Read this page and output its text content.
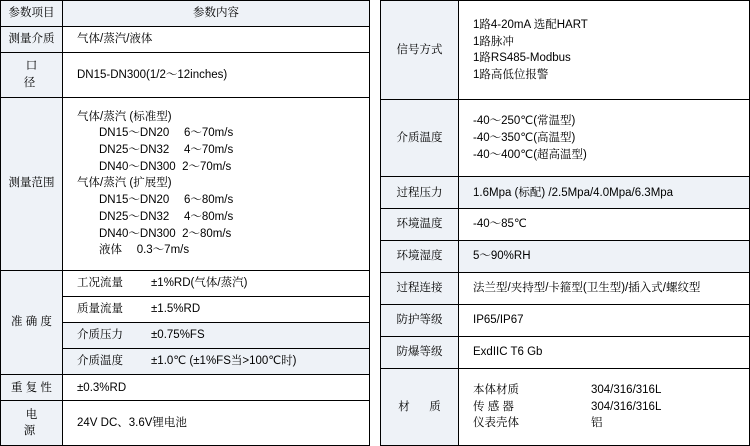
参数项目	参数内容
测量介质	气体/蒸汽/液体
口　径	DN15-DN300(1/2～12inches)
测量范围	
气体/蒸汽 (标准型)
DN15～DN20　 6～70m/s
DN25～DN32　 4～70m/s
DN40～DN300  2～70m/s
气体/蒸汽 (扩展型)
DN15～DN20　 6～80m/s
DN25～DN32　 4～80m/s
DN40～DN300  2～80m/s
液体　 0.3～7m/s

准 确 度	工况流量 ±1%RD(气体/蒸汽)
	质量流量 ±1.5%RD
	介质压力 ±0.75%FS
	介质温度 ±1.0℃ (±1%FS当>100℃时)
重 复 性	±0.3%RD
电　源	24V DC、3.6V锂电池
信号方式	1路4-20mA 选配HART
1路脉冲
1路RS485-Modbus
1路高低位报警

介质温度	-40～250℃(常温型)
-40～350℃(高温型)
-40～400℃(超高温型)

过程压力	1.6Mpa (标配) /2.5Mpa/4.0Mpa/6.3Mpa
环境温度	-40～85℃
环境湿度	5～90%RH
过程连接	法兰型/夹持型/卡箍型(卫生型)/插入式/螺纹型
防护等级	IP65/IP67
防爆等级	ExdIIC T6 Gb
材　质	本体材质 304/316/316L
传 感 器 304/316/316L
仪表壳体 铝
